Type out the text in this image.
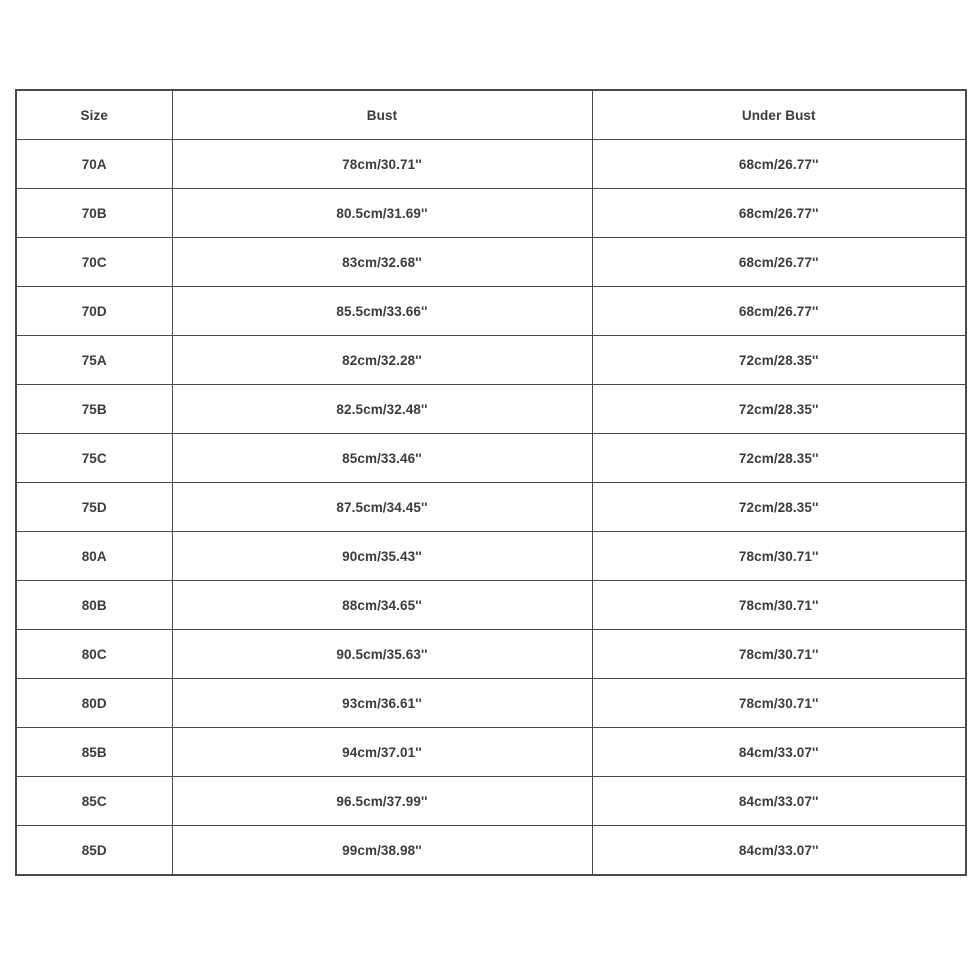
Size	Bust	Under Bust
70A	78cm/30.71''	68cm/26.77''
70B	80.5cm/31.69''	68cm/26.77''
70C	83cm/32.68''	68cm/26.77''
70D	85.5cm/33.66''	68cm/26.77''
75A	82cm/32.28''	72cm/28.35''
75B	82.5cm/32.48''	72cm/28.35''
75C	85cm/33.46''	72cm/28.35''
75D	87.5cm/34.45''	72cm/28.35''
80A	90cm/35.43''	78cm/30.71''
80B	88cm/34.65''	78cm/30.71''
80C	90.5cm/35.63''	78cm/30.71''
80D	93cm/36.61''	78cm/30.71''
85B	94cm/37.01''	84cm/33.07''
85C	96.5cm/37.99''	84cm/33.07''
85D	99cm/38.98''	84cm/33.07''
